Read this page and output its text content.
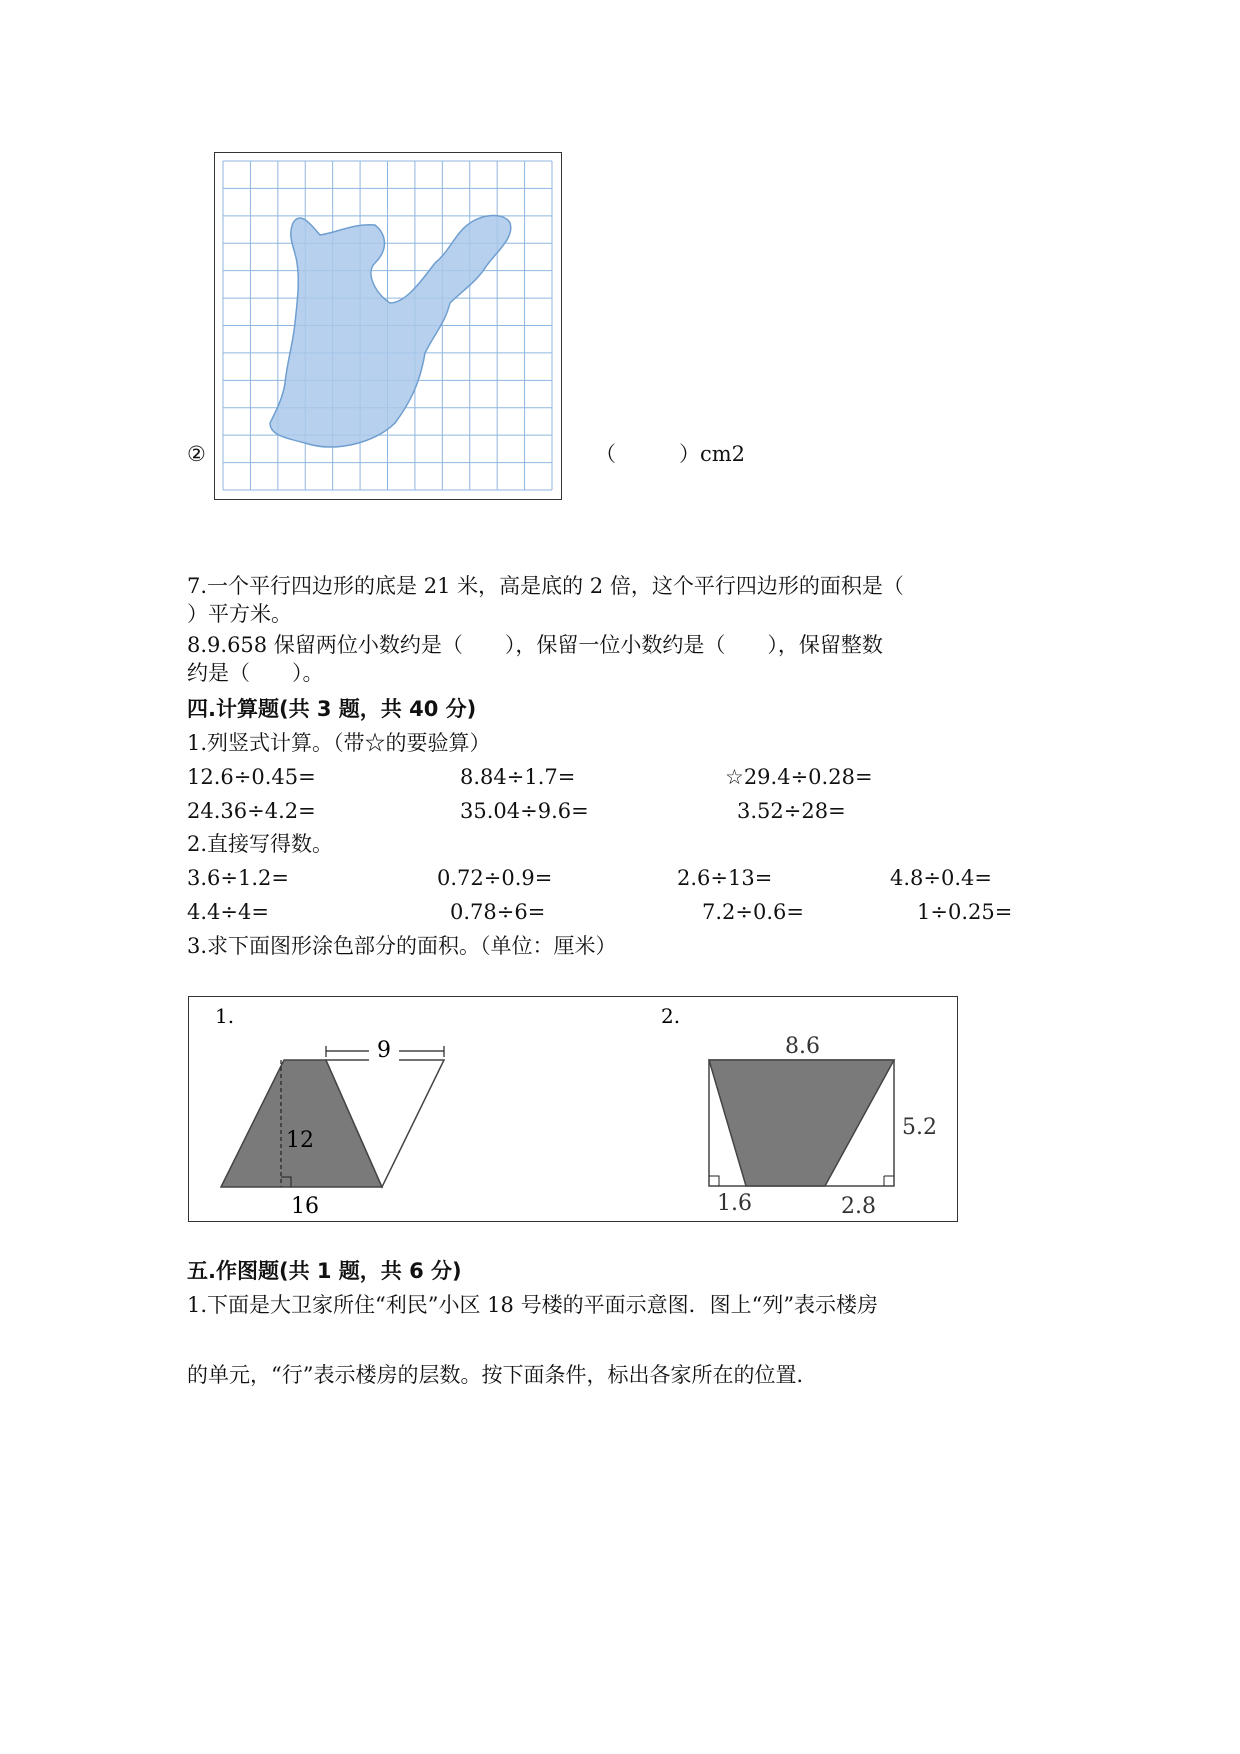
②	（　　　）cm2
7.一个平行四边形的底是 21 米，高是底的 2 倍，这个平行四边形的面积是（
）平方米。
8.9.658 保留两位小数约是（　　），保留一位小数约是（　　），保留整数
约是（　　）。
四.计算题(共 3 题，共 40 分)
1.列竖式计算。（带☆的要验算）
12.6÷0.45=	8.84÷1.7=	☆29.4÷0.28=
24.36÷4.2=	35.04÷9.6=	3.52÷28=
2.直接写得数。
3.6÷1.2=	0.72÷0.9=	2.6÷13=	4.8÷0.4=
4.4÷4=	0.78÷6=	7.2÷0.6=	1÷0.25=
3.求下面图形涂色部分的面积。（单位：厘米）
1.
9
12
16
2.
8.6
5.2
1.6	2.8
五.作图题(共 1 题，共 6 分)
1.下面是大卫家所住“利民”小区 18 号楼的平面示意图．图上“列”表示楼房
的单元，“行”表示楼房的层数。按下面条件，标出各家所在的位置．
